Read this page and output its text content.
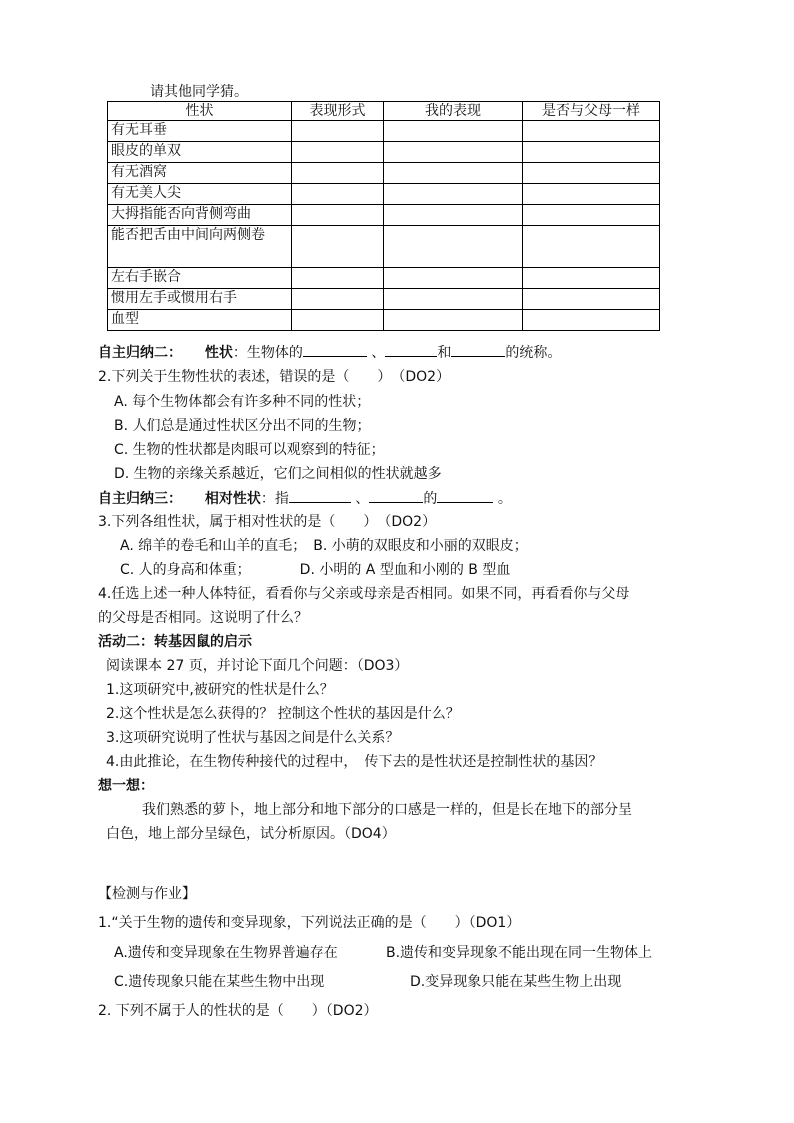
请其他同学猜。
性状	表现形式	我的表现	是否与父母一样
有无耳垂			
眼皮的单双			
有无酒窝			
有无美人尖			
大拇指能否向背侧弯曲			
能否把舌由中间向两侧卷			
左右手嵌合			
惯用左手或惯用右手			
血型			
自主归纳二： 性状：生物体的	、	和	的统称。
2.下列关于生物性状的表述，错误的是（　　）　（DO2）
A. 每个生物体都会有许多种不同的性状；
B. 人们总是通过性状区分出不同的生物；
C. 生物的性状都是肉眼可以观察到的特征；
D. 生物的亲缘关系越近，它们之间相似的性状就越多
自主归纳三： 相对性状：指	、	的	。
3.下列各组性状，属于相对性状的是（　　）　（DO2）
A. 绵羊的卷毛和山羊的直毛；　B. 小萌的双眼皮和小丽的双眼皮；
C. 人的身高和体重；　　　　D. 小明的 A 型血和小刚的 B 型血
4.任选上述一种人体特征，看看你与父亲或母亲是否相同。如果不同，再看看你与父母
的父母是否相同。这说明了什么？
活动二：转基因鼠的启示
阅读课本 27 页，并讨论下面几个问题：（DO3）
1.这项研究中,被研究的性状是什么？
2.这个性状是怎么获得的？ 控制这个性状的基因是什么？
3.这项研究说明了性状与基因之间是什么关系？
4.由此推论，在生物传种接代的过程中，　传下去的是性状还是控制性状的基因？
想一想：
我们熟悉的萝卜，地上部分和地下部分的口感是一样的，但是长在地下的部分呈
白色，地上部分呈绿色，试分析原因。（DO4）
【检测与作业】
1.“关于生物的遗传和变异现象，下列说法正确的是（　　）（DO1）
A.遗传和变异现象在生物界普遍存在	B.遗传和变异现象不能出现在同一生物体上
C.遗传现象只能在某些生物中出现	D.变异现象只能在某些生物上出现
2. 下列不属于人的性状的是（　　）（DO2）
